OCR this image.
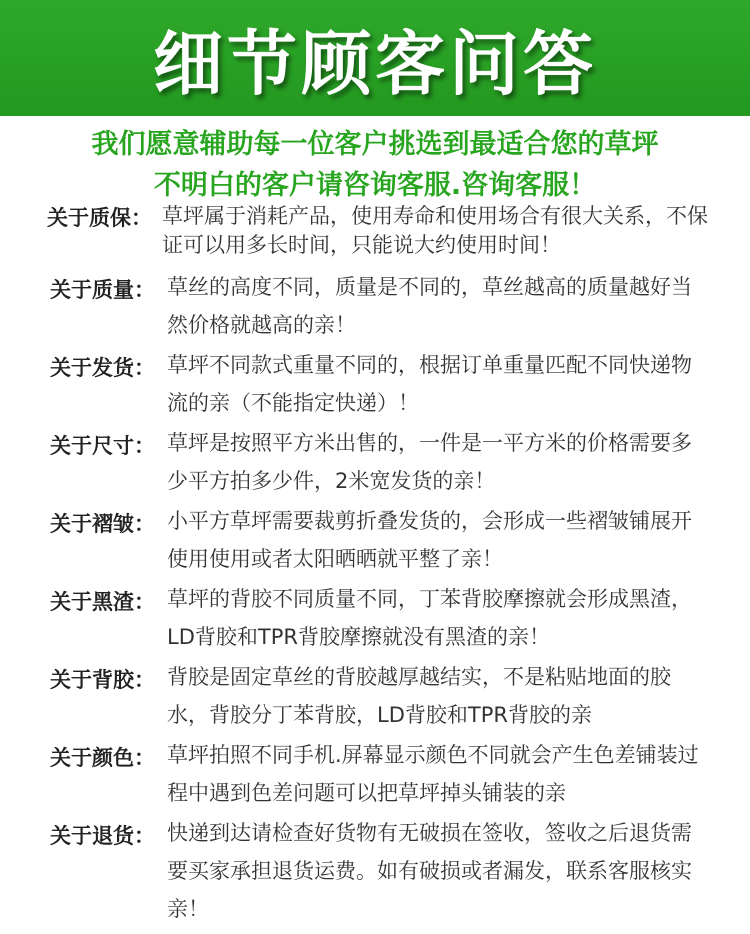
细节顾客问答
我们愿意辅助每一位客户挑选到最适合您的草坪
不明白的客户请咨询客服.咨询客服！
关于质保： 草坪属于消耗产品，使用寿命和使用场合有很大关系，不保证可以用多长时间，只能说大约使用时间！
关于质量： 草丝的高度不同，质量是不同的，草丝越高的质量越好当然价格就越高的亲！
关于发货： 草坪不同款式重量不同的，根据订单重量匹配不同快递物流的亲（不能指定快递）！
关于尺寸： 草坪是按照平方米出售的，一件是一平方米的价格需要多少平方拍多少件，2米宽发货的亲！
关于褶皱： 小平方草坪需要裁剪折叠发货的，会形成一些褶皱铺展开使用使用或者太阳晒晒就平整了亲！
关于黑渣： 草坪的背胶不同质量不同，丁苯背胶摩擦就会形成黑渣，LD背胶和TPR背胶摩擦就没有黑渣的亲！
关于背胶： 背胶是固定草丝的背胶越厚越结实，不是粘贴地面的胶水，背胶分丁苯背胶，LD背胶和TPR背胶的亲
关于颜色： 草坪拍照不同手机.屏幕显示颜色不同就会产生色差铺装过程中遇到色差问题可以把草坪掉头铺装的亲
关于退货： 快递到达请检查好货物有无破损在签收，签收之后退货需要买家承担退货运费。如有破损或者漏发，联系客服核实亲！
